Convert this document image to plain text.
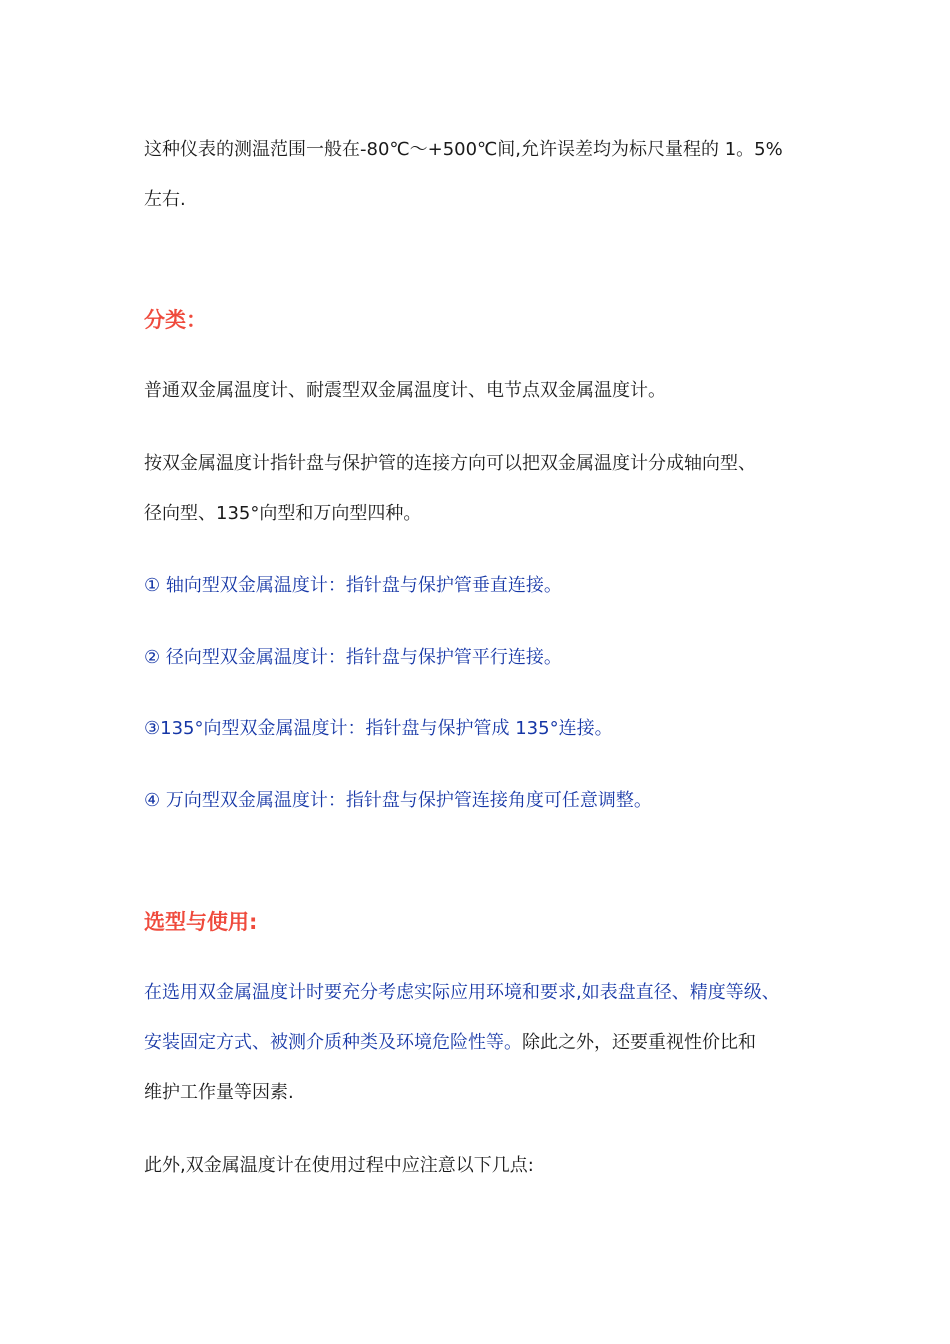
这种仪表的测温范围一般在-80℃～+500℃间,允许误差均为标尺量程的 1。5%
左右.
分类：
普通双金属温度计、耐震型双金属温度计、电节点双金属温度计。
按双金属温度计指针盘与保护管的连接方向可以把双金属温度计分成轴向型、
径向型、135°向型和万向型四种。
① 轴向型双金属温度计：指针盘与保护管垂直连接。
② 径向型双金属温度计：指针盘与保护管平行连接。
③135°向型双金属温度计：指针盘与保护管成 135°连接。
④ 万向型双金属温度计：指针盘与保护管连接角度可任意调整。
选型与使用:
在选用双金属温度计时要充分考虑实际应用环境和要求,如表盘直径、精度等级、
安装固定方式、被测介质种类及环境危险性等。除此之外，还要重视性价比和
维护工作量等因素.
此外,双金属温度计在使用过程中应注意以下几点:
